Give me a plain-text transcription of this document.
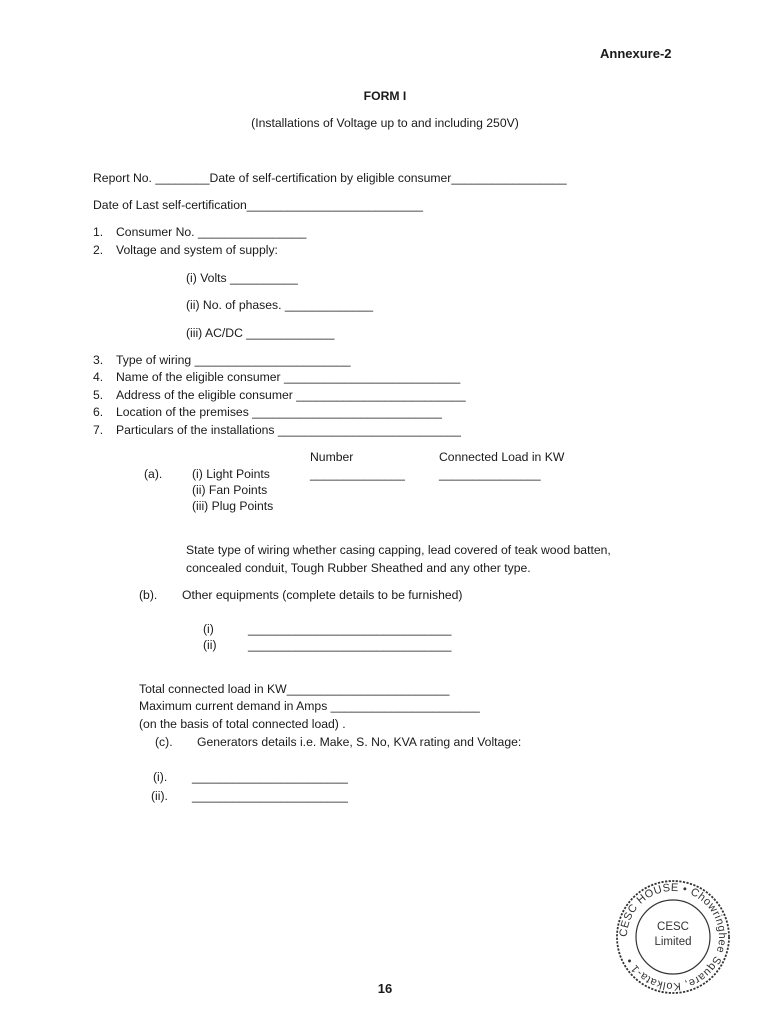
Annexure-2
FORM I
(Installations of Voltage up to and including 250V)
Report No. ________Date of self-certification by eligible consumer_________________
Date of Last self-certification__________________________
1. Consumer No. ________________
2. Voltage and system of supply:
(i) Volts __________
(ii) No. of phases. _____________
(iii) AC/DC _____________
3. Type of wiring _______________________
4. Name of the eligible consumer __________________________
5. Address of the eligible consumer _________________________
6. Location of the premises ____________________________
7. Particulars of the installations ___________________________
Number	Connected Load in KW
(a). (i) Light Points	______________	_______________
(ii) Fan Points
(iii) Plug Points
State type of wiring whether casing capping, lead covered of teak wood batten,
concealed conduit, Tough Rubber Sheathed and any other type.
(b). Other equipments (complete details to be furnished)
(i)	______________________________
(ii)	______________________________
Total connected load in KW________________________
Maximum current demand in Amps ______________________
(on the basis of total connected load) .
(c). Generators details i.e. Make, S. No, KVA rating and Voltage:
(i). _______________________
(ii). _______________________
CESC HOUSE • Chowringhee Square, Kolkata-1 •
CESC
Limited
16
